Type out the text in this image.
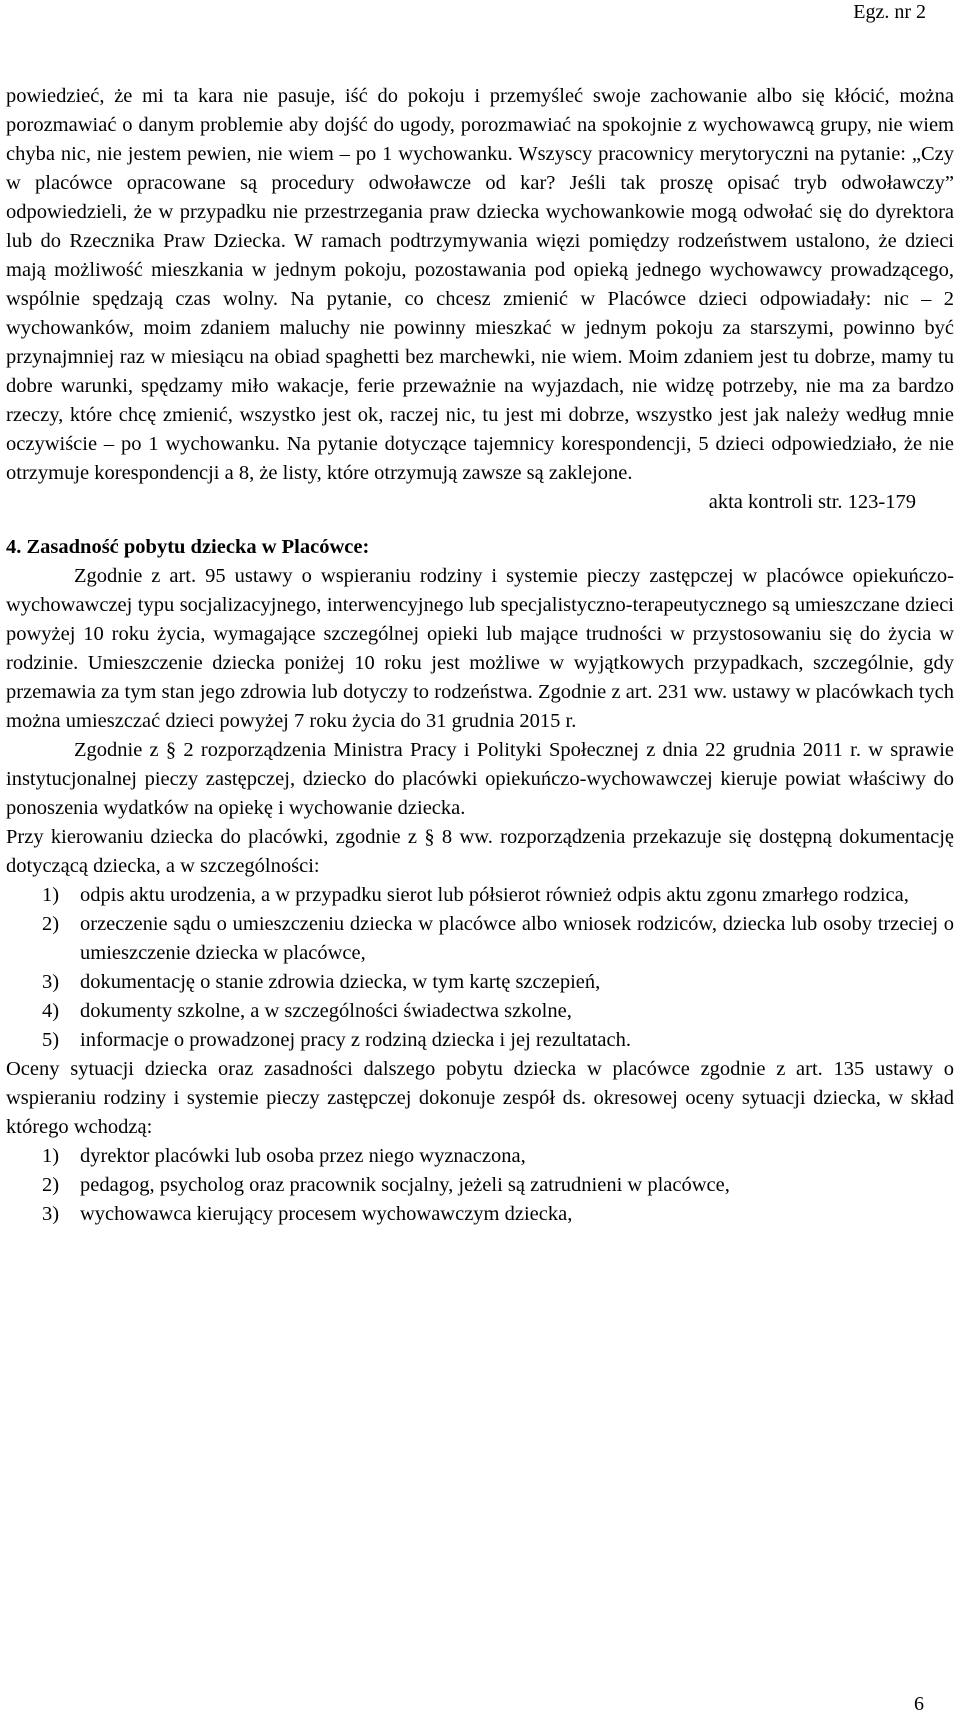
Egz. nr 2

powiedzieć, że mi ta kara nie pasuje, iść do pokoju i przemyśleć swoje zachowanie albo się kłócić, można porozmawiać o danym problemie aby dojść do ugody, porozmawiać na spokojnie z wychowawcą grupy, nie wiem chyba nic, nie jestem pewien, nie wiem – po 1 wychowanku. Wszyscy pracownicy merytoryczni na pytanie: „Czy w placówce opracowane są procedury odwoławcze od kar? Jeśli tak proszę opisać tryb odwoławczy” odpowiedzieli, że w przypadku nie przestrzegania praw dziecka wychowankowie mogą odwołać się do dyrektora lub do Rzecznika Praw Dziecka. W ramach podtrzymywania więzi pomiędzy rodzeństwem ustalono, że dzieci mają możliwość mieszkania w jednym pokoju, pozostawania pod opieką jednego wychowawcy prowadzącego, wspólnie spędzają czas wolny. Na pytanie, co chcesz zmienić w Placówce dzieci odpowiadały: nic – 2 wychowanków, moim zdaniem maluchy nie powinny mieszkać w jednym pokoju za starszymi, powinno być przynajmniej raz w miesiącu na obiad spaghetti bez marchewki, nie wiem. Moim zdaniem jest tu dobrze, mamy tu dobre warunki, spędzamy miło wakacje, ferie przeważnie na wyjazdach, nie widzę potrzeby, nie ma za bardzo rzeczy, które chcę zmienić, wszystko jest ok, raczej nic, tu jest mi dobrze, wszystko jest jak należy według mnie oczywiście – po 1 wychowanku. Na pytanie dotyczące tajemnicy korespondencji, 5 dzieci odpowiedziało, że nie otrzymuje korespondencji a 8, że listy, które otrzymują zawsze są zaklejone.

akta kontroli str. 123-179

4. Zasadność pobytu dziecka w Placówce:

Zgodnie z art. 95 ustawy o wspieraniu rodziny i systemie pieczy zastępczej w placówce opiekuńczo-wychowawczej typu socjalizacyjnego, interwencyjnego lub specjalistyczno-terapeutycznego są umieszczane dzieci powyżej 10 roku życia, wymagające szczególnej opieki lub mające trudności w przystosowaniu się do życia w rodzinie. Umieszczenie dziecka poniżej 10 roku jest możliwe w wyjątkowych przypadkach, szczególnie, gdy przemawia za tym stan jego zdrowia lub dotyczy to rodzeństwa. Zgodnie z art. 231 ww. ustawy w placówkach tych można umieszczać dzieci powyżej 7 roku życia do 31 grudnia 2015 r.

Zgodnie z § 2 rozporządzenia Ministra Pracy i Polityki Społecznej z dnia 22 grudnia 2011 r. w sprawie instytucjonalnej pieczy zastępczej, dziecko do placówki opiekuńczo-wychowawczej kieruje powiat właściwy do ponoszenia wydatków na opiekę i wychowanie dziecka.

Przy kierowaniu dziecka do placówki, zgodnie z § 8 ww. rozporządzenia przekazuje się dostępną dokumentację dotyczącą dziecka, a w szczególności:

1)	odpis aktu urodzenia, a w przypadku sierot lub półsierot również odpis aktu zgonu zmarłego rodzica,
2)	orzeczenie sądu o umieszczeniu dziecka w placówce albo wniosek rodziców, dziecka lub osoby trzeciej o umieszczenie dziecka w placówce,
3)	dokumentację o stanie zdrowia dziecka, w tym kartę szczepień,
4)	dokumenty szkolne, a w szczególności świadectwa szkolne,
5)	informacje o prowadzonej pracy z rodziną dziecka i jej rezultatach.

Oceny sytuacji dziecka oraz zasadności dalszego pobytu dziecka w placówce zgodnie z art. 135 ustawy o wspieraniu rodziny i systemie pieczy zastępczej dokonuje zespół ds. okresowej oceny sytuacji dziecka, w skład którego wchodzą:

1)	dyrektor placówki lub osoba przez niego wyznaczona,
2)	pedagog, psycholog oraz pracownik socjalny, jeżeli są zatrudnieni w placówce,
3)	wychowawca kierujący procesem wychowawczym dziecka,
6
